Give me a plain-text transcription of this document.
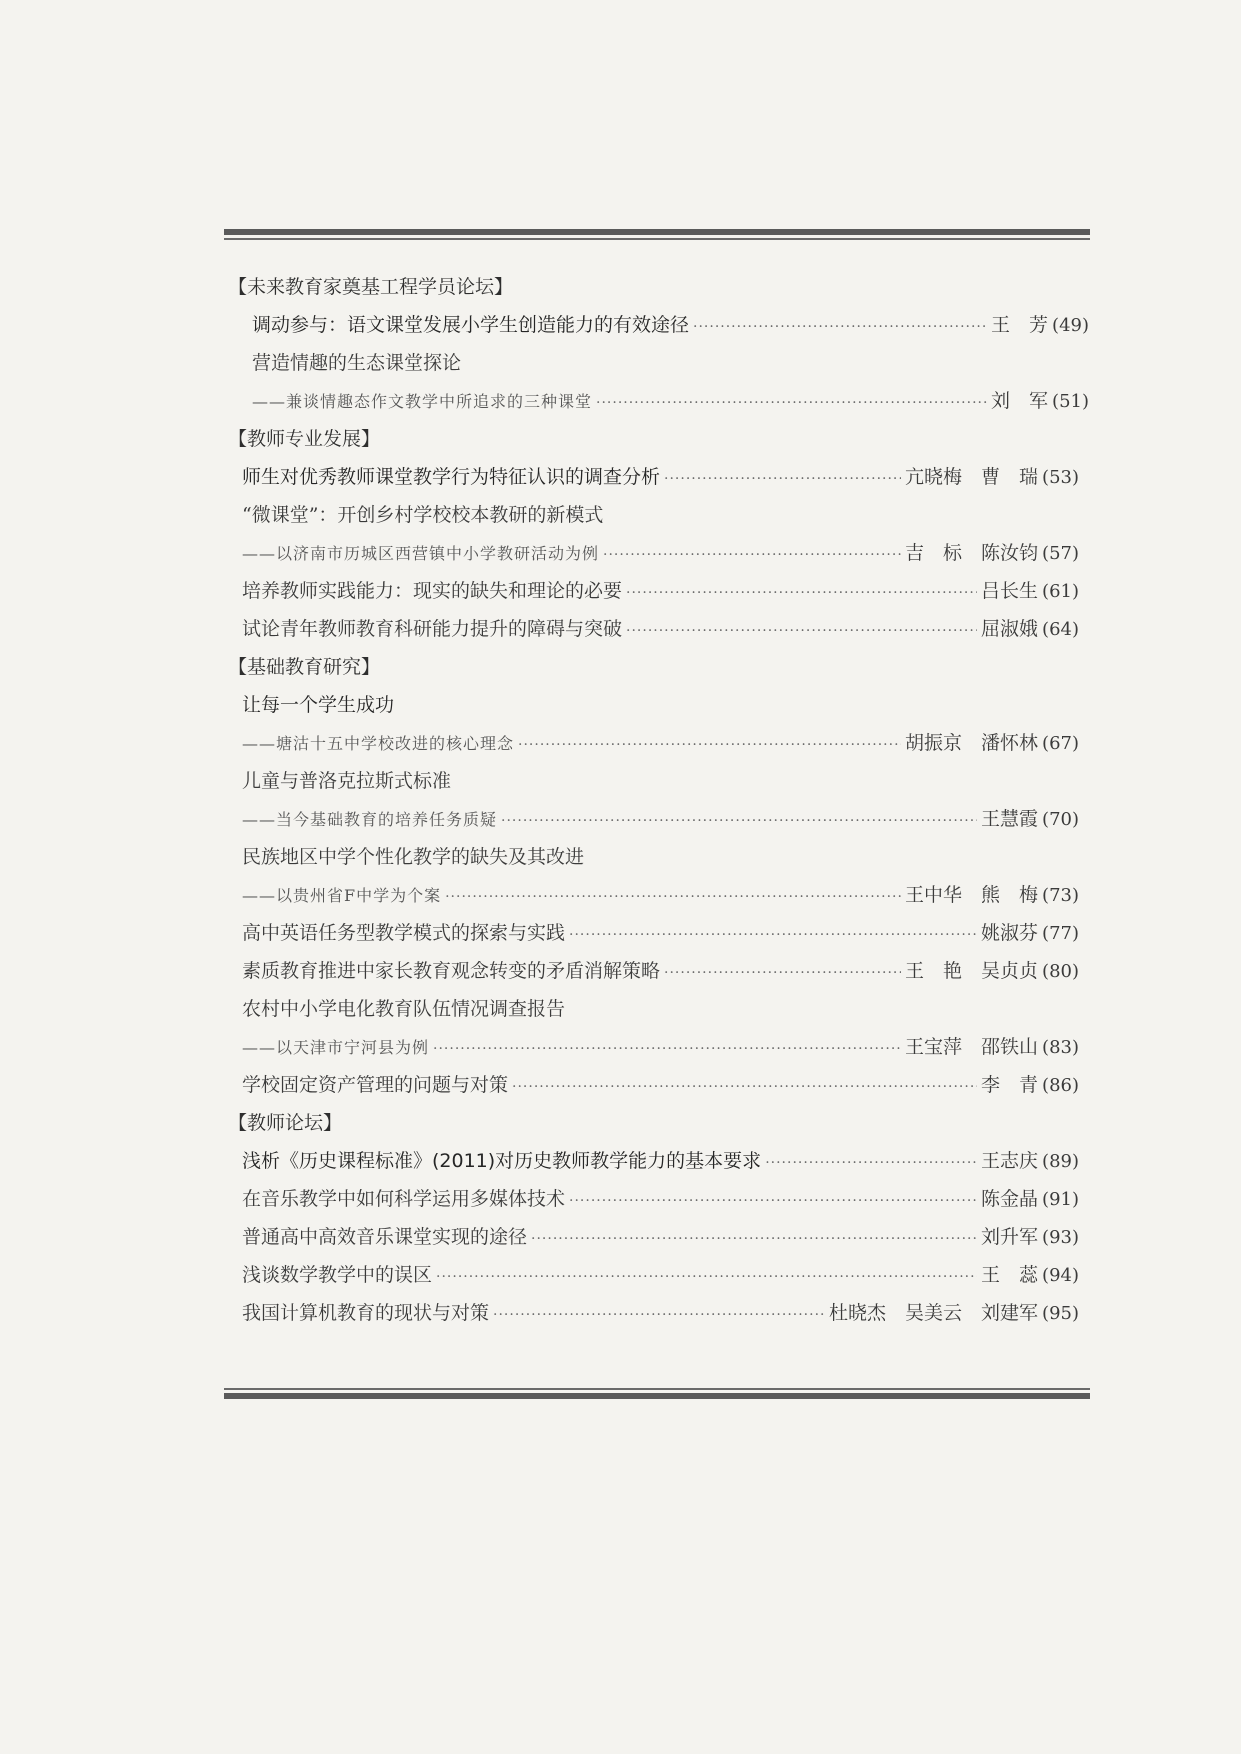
【未来教育家奠基工程学员论坛】
调动参与：语文课堂发展小学生创造能力的有效途径 ·····	王　芳 (49)
营造情趣的生态课堂探论
——兼谈情趣态作文教学中所追求的三种课堂 ·····	刘　军 (51)
【教师专业发展】
师生对优秀教师课堂教学行为特征认识的调查分析 ·····	亢晓梅　曹　瑞 (53)
“微课堂”：开创乡村学校校本教研的新模式
——以济南市历城区西营镇中小学教研活动为例 ·····	吉　标　陈汝钧 (57)
培养教师实践能力：现实的缺失和理论的必要 ·····	吕长生 (61)
试论青年教师教育科研能力提升的障碍与突破 ·····	屈淑娥 (64)
【基础教育研究】
让每一个学生成功
——塘沽十五中学校改进的核心理念 ·····	胡振京　潘怀林 (67)
儿童与普洛克拉斯式标准
——当今基础教育的培养任务质疑 ·····	王慧霞 (70)
民族地区中学个性化教学的缺失及其改进
——以贵州省F中学为个案 ·····	王中华　熊　梅 (73)
高中英语任务型教学模式的探索与实践 ·····	姚淑芬 (77)
素质教育推进中家长教育观念转变的矛盾消解策略 ·····	王　艳　吴贞贞 (80)
农村中小学电化教育队伍情况调查报告
——以天津市宁河县为例 ·····	王宝萍　邵铁山 (83)
学校固定资产管理的问题与对策 ·····	李　青 (86)
【教师论坛】
浅析《历史课程标准》(2011)对历史教师教学能力的基本要求 ·····	王志庆 (89)
在音乐教学中如何科学运用多媒体技术 ·····	陈金晶 (91)
普通高中高效音乐课堂实现的途径 ·····	刘升军 (93)
浅谈数学教学中的误区 ·····	王　蕊 (94)
我国计算机教育的现状与对策 ·····	杜晓杰　吴美云　刘建军 (95)
